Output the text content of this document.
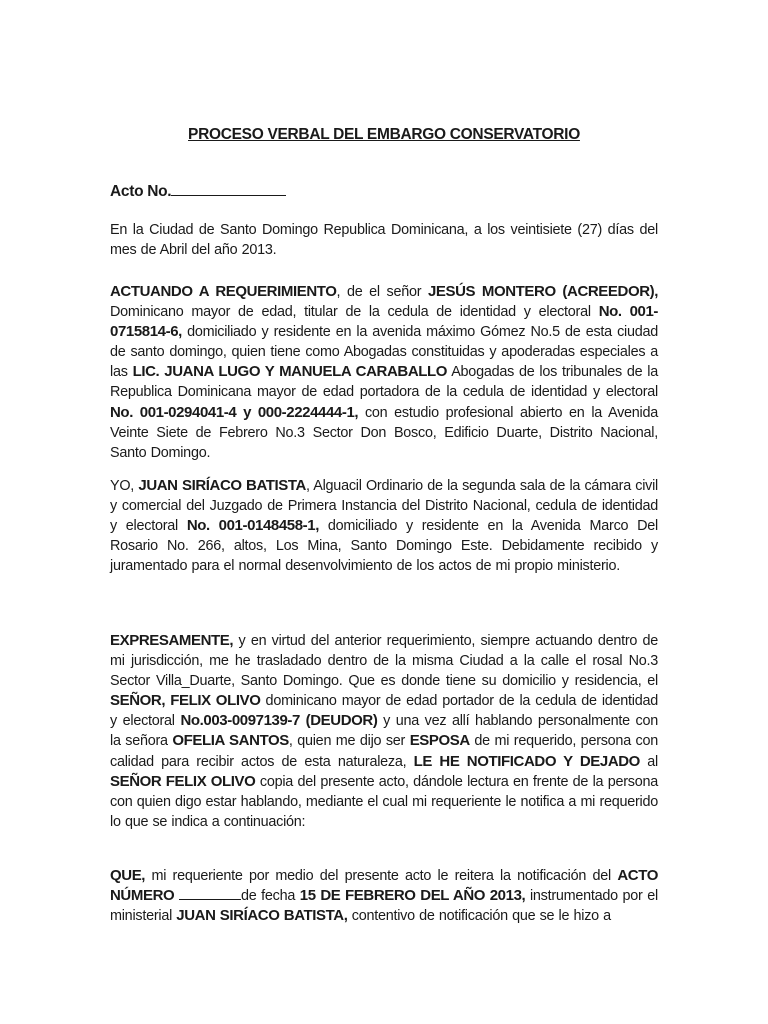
PROCESO VERBAL DEL EMBARGO CONSERVATORIO
Acto No.

En la Ciudad de Santo Domingo Republica Dominicana, a los veintisiete (27) días del mes de Abril del año 2013.

ACTUANDO A REQUERIMIENTO, de el señor JESÚS MONTERO (ACREEDOR), Dominicano mayor de edad, titular de la cedula de identidad y electoral No. 001-0715814-6, domiciliado y residente en la avenida máximo Gómez No.5 de esta ciudad de santo domingo, quien tiene como Abogadas constituidas y apoderadas especiales a las LIC. JUANA LUGO Y MANUELA CARABALLO Abogadas de los tribunales de la Republica Dominicana mayor de edad portadora de la cedula de identidad y electoral No. 001-0294041-4 y 000-2224444-1, con estudio profesional abierto en la Avenida Veinte Siete de Febrero No.3 Sector Don Bosco, Edificio Duarte, Distrito Nacional, Santo Domingo.

YO, JUAN SIRÍACO BATISTA, Alguacil Ordinario de la segunda sala de la cámara civil y comercial del Juzgado de Primera Instancia del Distrito Nacional, cedula de identidad y electoral No. 001-0148458-1, domiciliado y residente en la Avenida Marco Del Rosario No. 266, altos, Los Mina, Santo Domingo Este. Debidamente recibido y juramentado para el normal desenvolvimiento de los actos de mi propio ministerio.

EXPRESAMENTE, y en virtud del anterior requerimiento, siempre actuando dentro de mi jurisdicción, me he trasladado dentro de la misma Ciudad a la calle el rosal No.3 Sector Villa_Duarte, Santo Domingo. Que es donde tiene su domicilio y residencia, el SEÑOR, FELIX OLIVO dominicano mayor de edad portador de la cedula de identidad y electoral No.003-0097139-7 (DEUDOR) y una vez allí hablando personalmente con la señora OFELIA SANTOS, quien me dijo ser ESPOSA de mi requerido, persona con calidad para recibir actos de esta naturaleza, LE HE NOTIFICADO Y DEJADO al SEÑOR FELIX OLIVO copia del presente acto, dándole lectura en frente de la persona con quien digo estar hablando, mediante el cual mi requeriente le notifica a mi requerido lo que se indica a continuación:

QUE, mi requeriente por medio del presente acto le reitera la notificación del ACTO NÚMERO	de fecha 15 DE FEBRERO DEL AÑO 2013, instrumentado por el ministerial JUAN SIRÍACO BATISTA, contentivo de notificación que se le hizo a
